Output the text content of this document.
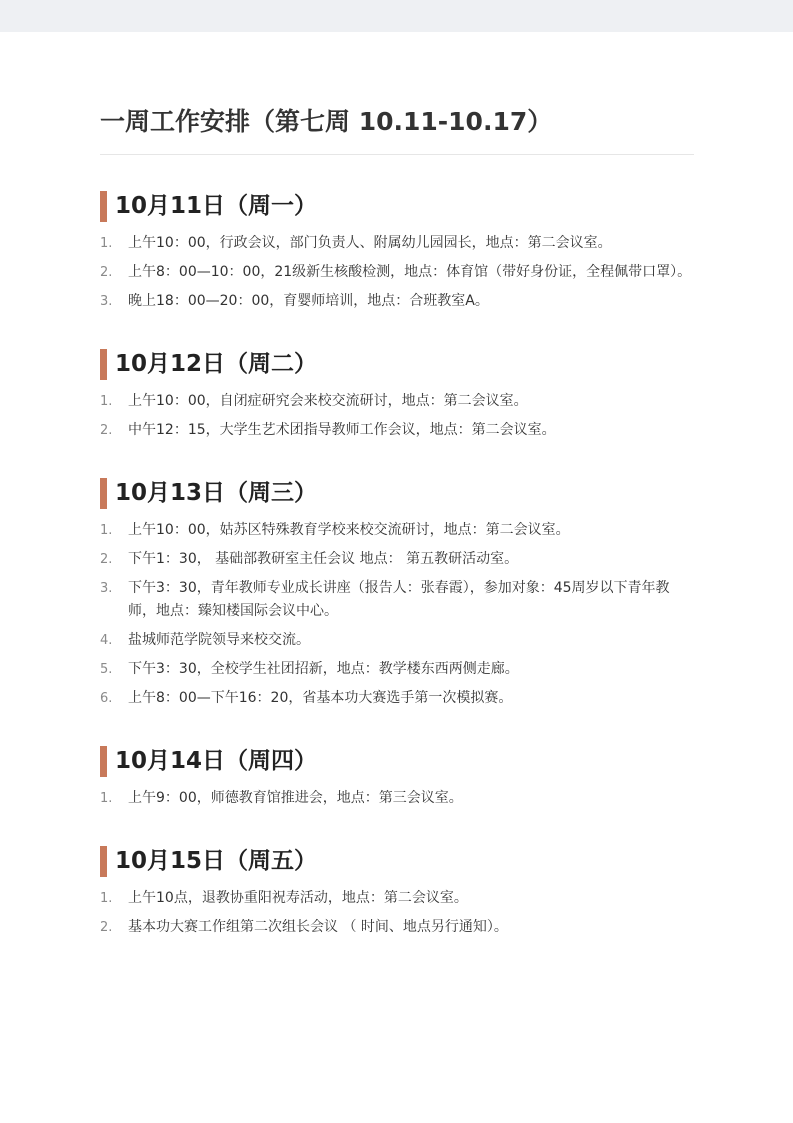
一周工作安排（第七周 10.11-10.17）
10月11日（周一）
1.	上午10：00，行政会议，部门负责人、附属幼儿园园长，地点：第二会议室。
2.	上午8：00—10：00，21级新生核酸检测，地点：体育馆（带好身份证，全程佩带口罩）。
3.	晚上18：00—20：00，育婴师培训，地点：合班教室A。
10月12日（周二）
1.	上午10：00，自闭症研究会来校交流研讨，地点：第二会议室。
2.	中午12：15，大学生艺术团指导教师工作会议，地点：第二会议室。
10月13日（周三）
1.	上午10：00，姑苏区特殊教育学校来校交流研讨，地点：第二会议室。
2.	下午1：30， 基础部教研室主任会议 地点： 第五教研活动室。
3.	下午3：30，青年教师专业成长讲座（报告人：张春霞），参加对象：45周岁以下青年教师，地点：臻知楼国际会议中心。
4.	盐城师范学院领导来校交流。
5.	下午3：30，全校学生社团招新，地点：教学楼东西两侧走廊。
6.	上午8：00—下午16：20，省基本功大赛选手第一次模拟赛。
10月14日（周四）
1.	上午9：00，师德教育馆推进会，地点：第三会议室。
10月15日（周五）
1.	上午10点，退教协重阳祝寿活动，地点：第二会议室。
2.	基本功大赛工作组第二次组长会议 （ 时间、地点另行通知）。
